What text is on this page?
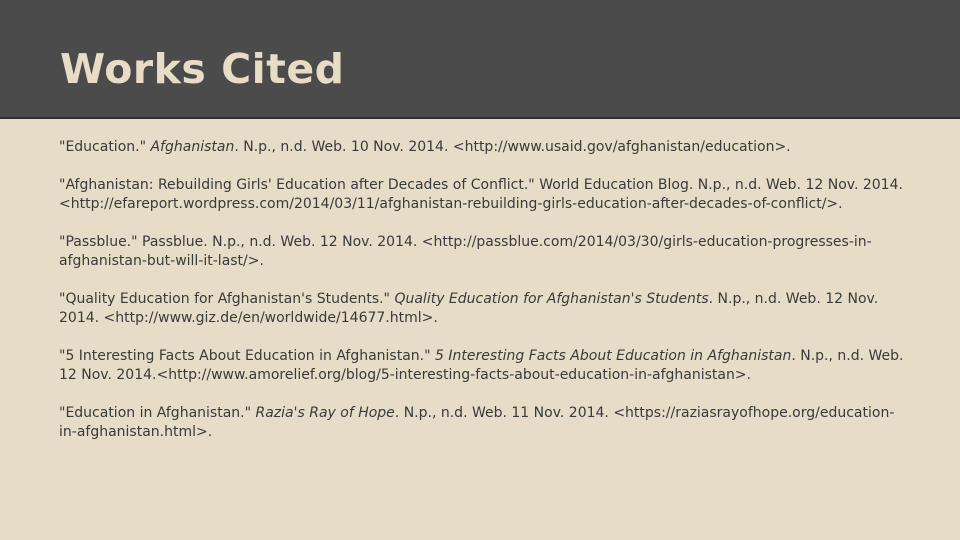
Works Cited

"Education." Afghanistan. N.p., n.d. Web. 10 Nov. 2014. <http://www.usaid.gov/afghanistan/education>.

"Afghanistan: Rebuilding Girls' Education after Decades of Conflict." World Education Blog. N.p., n.d. Web. 12 Nov. 2014. <http://efareport.wordpress.com/2014/03/11/afghanistan-rebuilding-girls-education-after-decades-of-conflict/>.

"Passblue." Passblue. N.p., n.d. Web. 12 Nov. 2014. <http://passblue.com/2014/03/30/girls-education-progresses-in-afghanistan-but-will-it-last/>.

"Quality Education for Afghanistan's Students." Quality Education for Afghanistan's Students. N.p., n.d. Web. 12 Nov. 2014. <http://www.giz.de/en/worldwide/14677.html>.

"5 Interesting Facts About Education in Afghanistan." 5 Interesting Facts About Education in Afghanistan. N.p., n.d. Web. 12 Nov. 2014.<http://www.amorelief.org/blog/5-interesting-facts-about-education-in-afghanistan>.

"Education in Afghanistan." Razia's Ray of Hope. N.p., n.d. Web. 11 Nov. 2014. <https://raziasrayofhope.org/education-in-afghanistan.html>.
